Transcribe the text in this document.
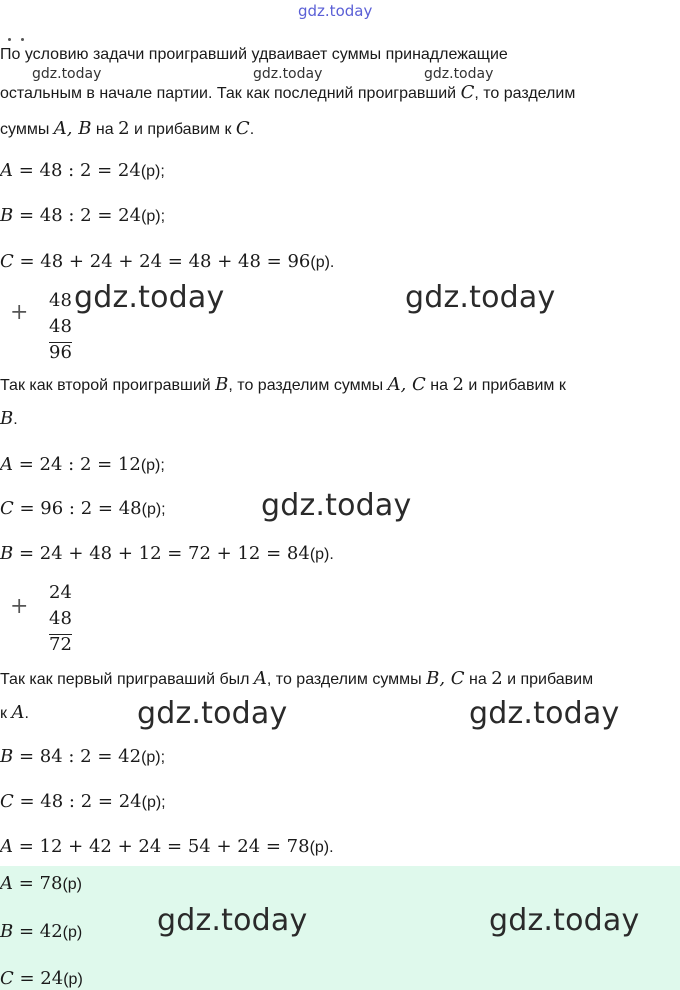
gdz.today
По условию задачи проигравший удваивает суммы принадлежащие
gdz.today	gdz.today	gdz.today
остальным в начале партии. Так как последний проигравший C, то разделим
суммы A, B на 2 и прибавим к C.
A = 48 : 2 = 24(р);
B = 48 : 2 = 24(р);
C = 48 + 24 + 24 = 48 + 48 = 96(р).
+ 48
48
96
gdz.today	gdz.today
Так как второй проигравший B, то разделим суммы A, C на 2 и прибавим к
B.
A = 24 : 2 = 12(р);
C = 96 : 2 = 48(р);	gdz.today
B = 24 + 48 + 12 = 72 + 12 = 84(р).
+
24
48
72
Так как первый приграваший был A, то разделим суммы B, C на 2 и прибавим
к A.	gdz.today	gdz.today
B = 84 : 2 = 42(р);
C = 48 : 2 = 24(р);
A = 12 + 42 + 24 = 54 + 24 = 78(р).
A = 78(р)
B = 42(р) gdz.today	gdz.today
C = 24(р)
